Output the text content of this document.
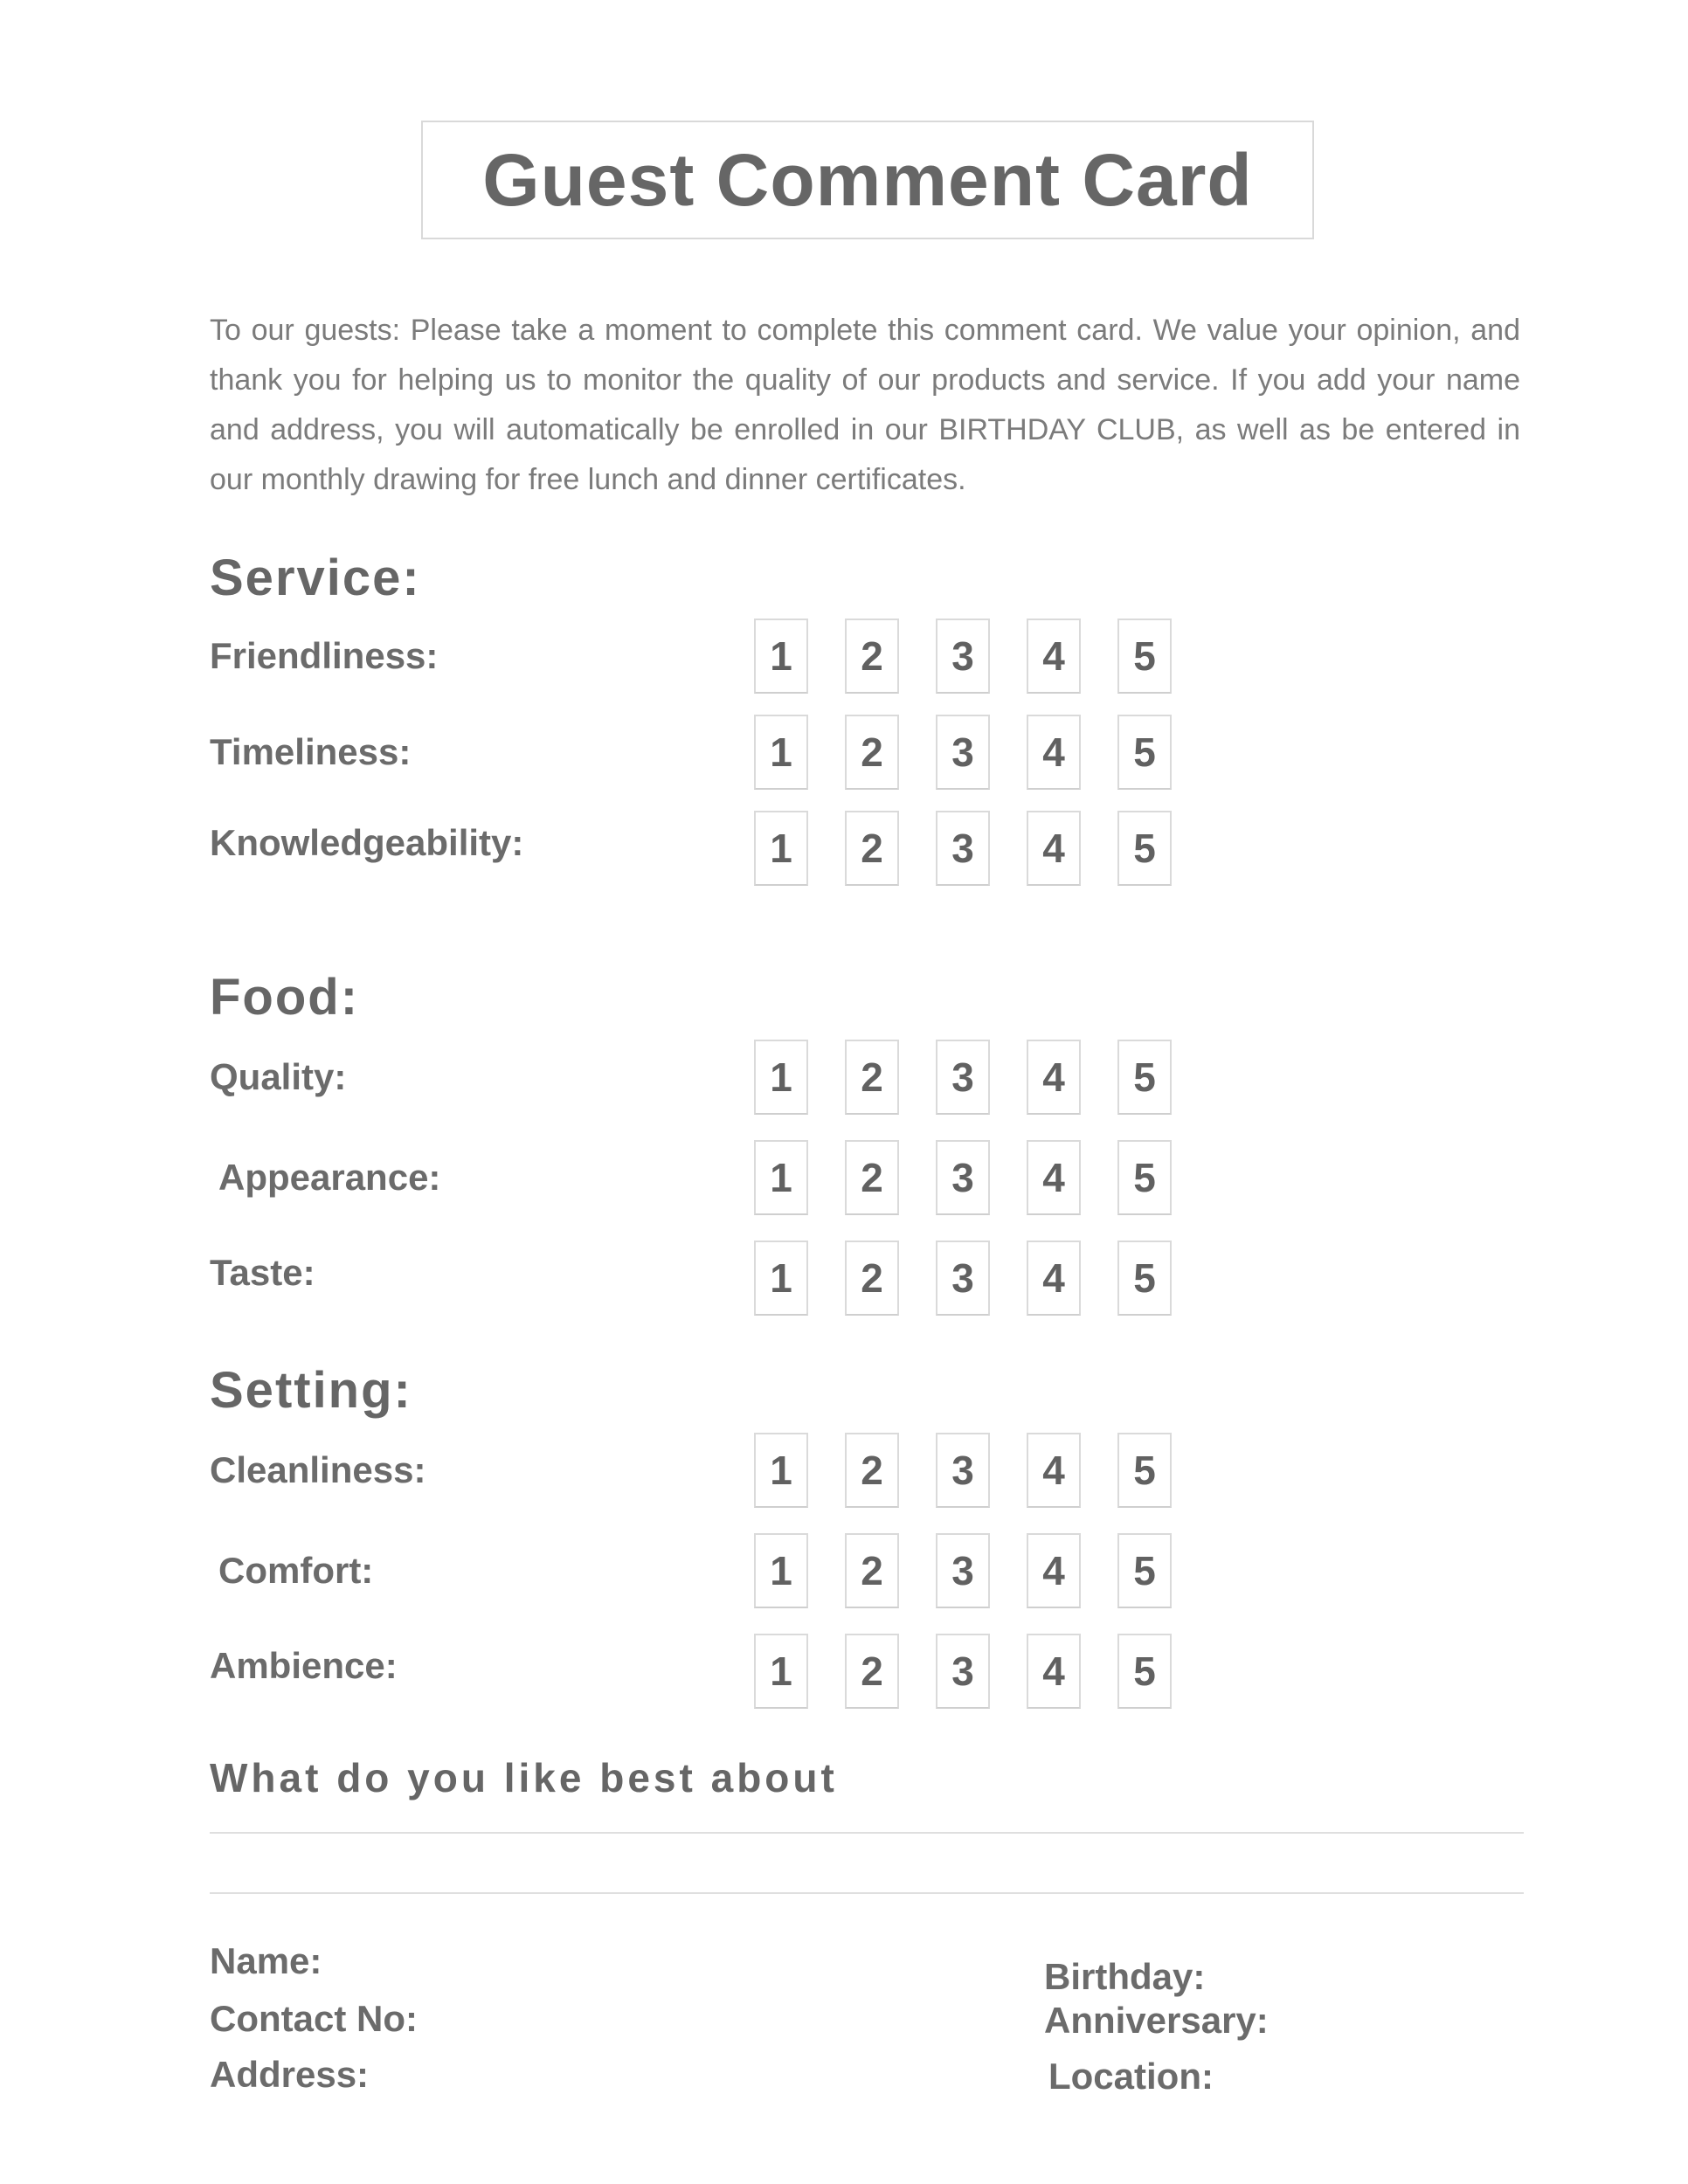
Guest Comment Card
To our guests: Please take a moment to complete this comment card. We value your opinion, and thank you for helping us to monitor the quality of our products and service. If you add your name and address, you will automatically be enrolled in our BIRTHDAY CLUB, as well as be entered in our monthly drawing for free lunch and dinner certificates.
Service:
Friendliness:	1 2 3 4 5
Timeliness:	1 2 3 4 5
Knowledgeability:	1 2 3 4 5
Food:
Quality:	1 2 3 4 5
Appearance:	1 2 3 4 5
Taste:	1 2 3 4 5
Setting:
Cleanliness:	1 2 3 4 5
Comfort:	1 2 3 4 5
Ambience:	1 2 3 4 5
What do you like best about
Name:
Contact No:
Address:
Birthday:
Anniversary:
Location:
